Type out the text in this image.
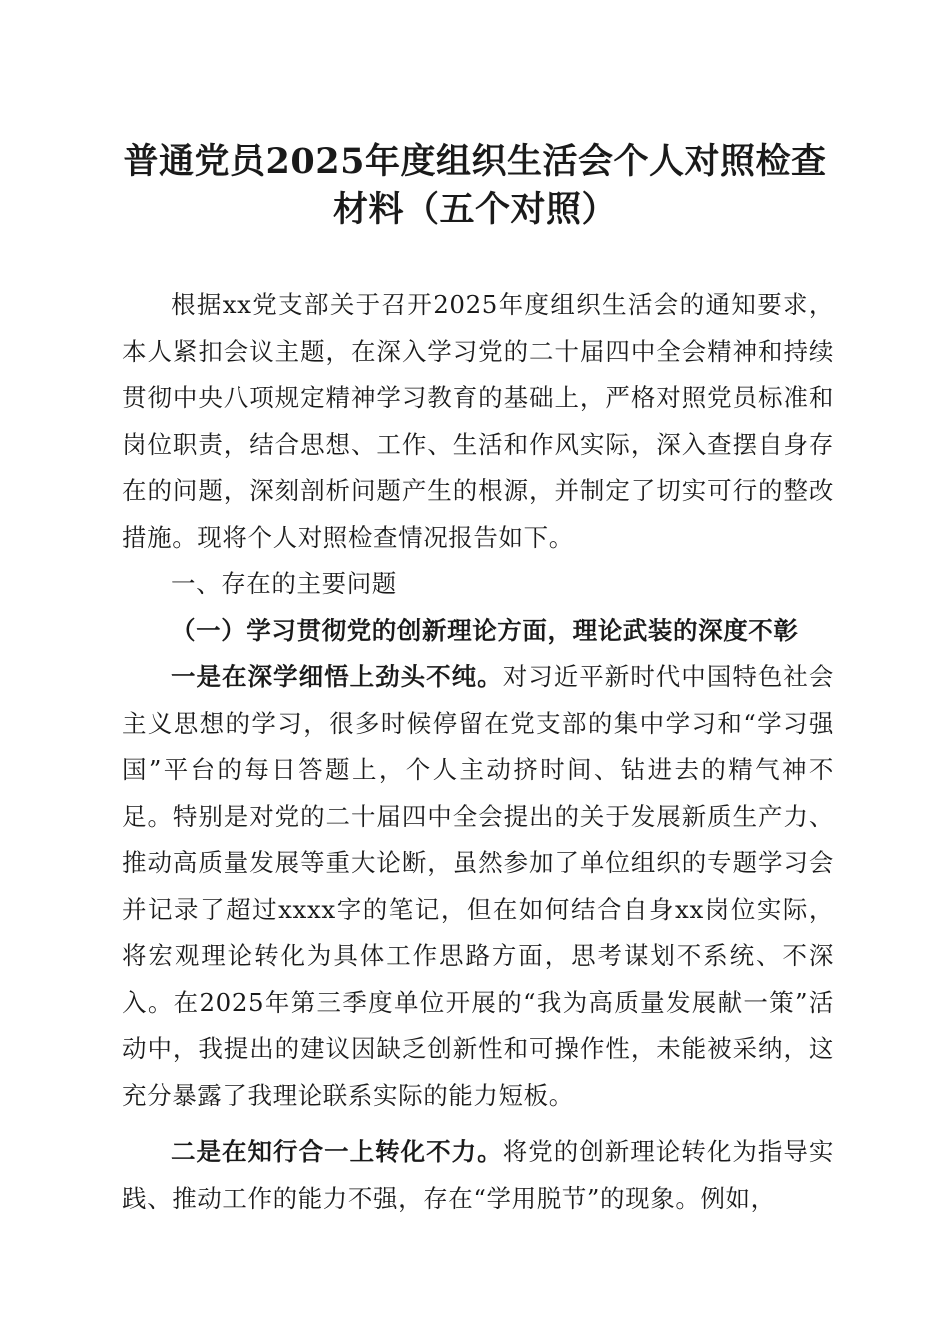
普通党员2025年度组织生活会个人对照检查
材料（五个对照）

根据xx党支部关于召开2025年度组织生活会的通知要求，本人紧扣会议主题，在深入学习党的二十届四中全会精神和持续贯彻中央八项规定精神学习教育的基础上，严格对照党员标准和岗位职责，结合思想、工作、生活和作风实际，深入查摆自身存在的问题，深刻剖析问题产生的根源，并制定了切实可行的整改措施。现将个人对照检查情况报告如下。

一、存在的主要问题

（一）学习贯彻党的创新理论方面，理论武装的深度不彰

一是在深学细悟上劲头不纯。对习近平新时代中国特色社会主义思想的学习，很多时候停留在党支部的集中学习和“学习强国”平台的每日答题上，个人主动挤时间、钻进去的精气神不足。特别是对党的二十届四中全会提出的关于发展新质生产力、推动高质量发展等重大论断，虽然参加了单位组织的专题学习会并记录了超过xxxx字的笔记，但在如何结合自身xx岗位实际，将宏观理论转化为具体工作思路方面，思考谋划不系统、不深入。在2025年第三季度单位开展的“我为高质量发展献一策”活动中，我提出的建议因缺乏创新性和可操作性，未能被采纳，这充分暴露了我理论联系实际的能力短板。

二是在知行合一上转化不力。将党的创新理论转化为指导实践、推动工作的能力不强，存在“学用脱节”的现象。例如，
